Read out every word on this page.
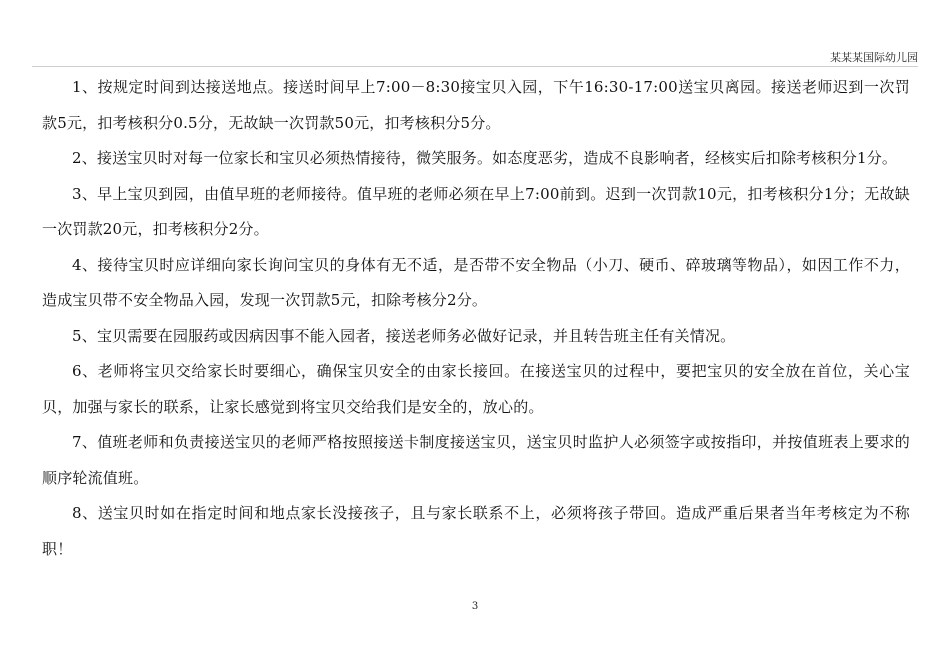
某某某国际幼儿园

1、按规定时间到达接送地点。接送时间早上7:00－8:30接宝贝入园，下午16:30-17:00送宝贝离园。接送老师迟到一次罚款5元，扣考核积分0.5分，无故缺一次罚款50元，扣考核积分5分。

2、接送宝贝时对每一位家长和宝贝必须热情接待，微笑服务。如态度恶劣，造成不良影响者，经核实后扣除考核积分1分。

3、早上宝贝到园，由值早班的老师接待。值早班的老师必须在早上7:00前到。迟到一次罚款10元，扣考核积分1分；无故缺一次罚款20元，扣考核积分2分。

4、接待宝贝时应详细向家长询问宝贝的身体有无不适，是否带不安全物品（小刀、硬币、碎玻璃等物品），如因工作不力，造成宝贝带不安全物品入园，发现一次罚款5元，扣除考核分2分。

5、宝贝需要在园服药或因病因事不能入园者，接送老师务必做好记录，并且转告班主任有关情况。

6、老师将宝贝交给家长时要细心，确保宝贝安全的由家长接回。在接送宝贝的过程中，要把宝贝的安全放在首位，关心宝贝，加强与家长的联系，让家长感觉到将宝贝交给我们是安全的，放心的。

7、值班老师和负责接送宝贝的老师严格按照接送卡制度接送宝贝，送宝贝时监护人必须签字或按指印，并按值班表上要求的顺序轮流值班。

8、送宝贝时如在指定时间和地点家长没接孩子，且与家长联系不上，必须将孩子带回。造成严重后果者当年考核定为不称职！

3
